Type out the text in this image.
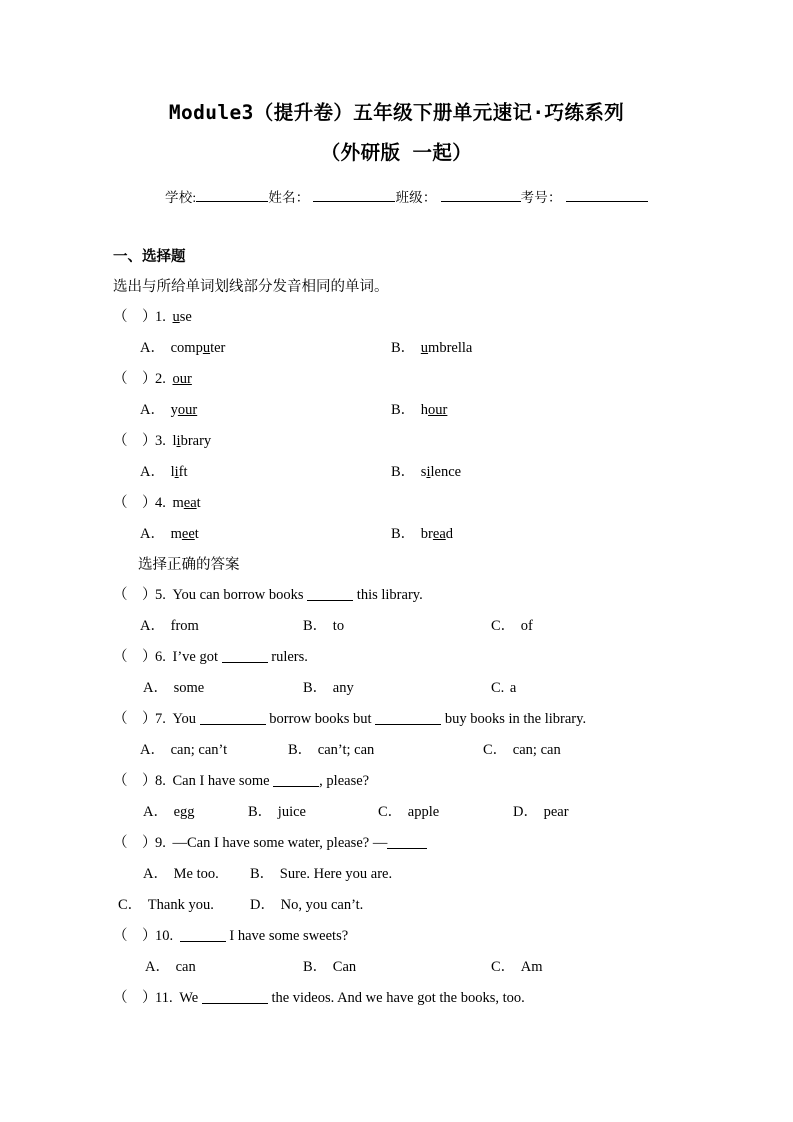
Module3（提升卷）五年级下册单元速记·巧练系列
（外研版 一起）
学校:	姓名：	班级：	考号：
一、选择题
选出与所给单词划线部分发音相同的单词。
（    ）1. use
A． computer	B． umbrella
（    ）2. our
A． your	B． hour
（    ）3. library
A． lift	B． silence
（    ）4. meat
A． meet	B． bread
选择正确的答案
（    ）5. You can borrow books	this library.
A． from	B． to	C． of
（    ）6. I’ve got	rulers.
A． some	B． any	C. a
（    ）7. You	borrow books but	buy books in the library.
A． can; can’t	B． can’t; can	C． can; can
（    ）8. Can I have some	, please?
A． egg	B． juice	C． apple	D． pear
（    ）9. —Can I have some water, please? —
A． Me too. B． Sure. Here you are.
C． Thank you. D． No, you can’t.
（    ）10.	I have some sweets?
A． can	B． Can	C． Am
（    ）11. We	the videos. And we have got the books, too.
